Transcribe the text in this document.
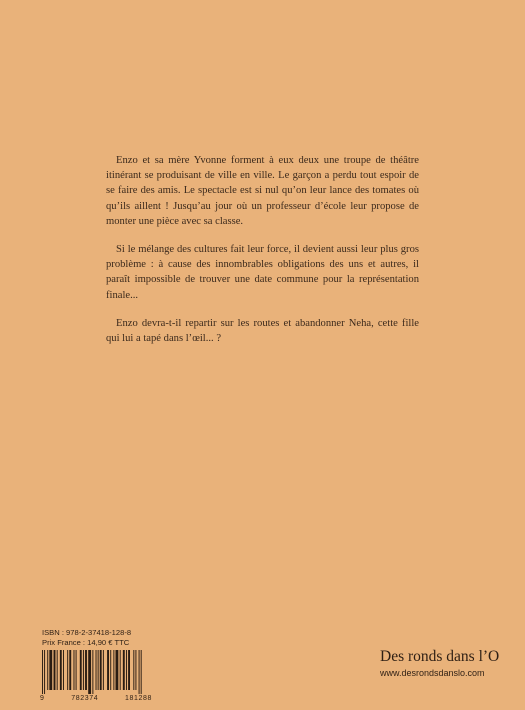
Enzo et sa mère Yvonne forment à eux deux une troupe de théâtre itinérant se produisant de ville en ville. Le garçon a perdu tout espoir de se faire des amis. Le spectacle est si nul qu’on leur lance des tomates où qu’ils aillent ! Jusqu’au jour où un professeur d’école leur propose de monter une pièce avec sa classe.

Si le mélange des cultures fait leur force, il devient aussi leur plus gros problème : à cause des innombrables obligations des uns et autres, il paraît impossible de trouver une date commune pour la représentation finale...

Enzo devra-t-il repartir sur les routes et abandonner Neha, cette fille qui lui a tapé dans l’œil... ?

ISBN : 978-2-37418-128-8
Prix France : 14,90 € TTC
9	782374	181288
Des ronds dans l’O
www.desrondsdanslo.com
